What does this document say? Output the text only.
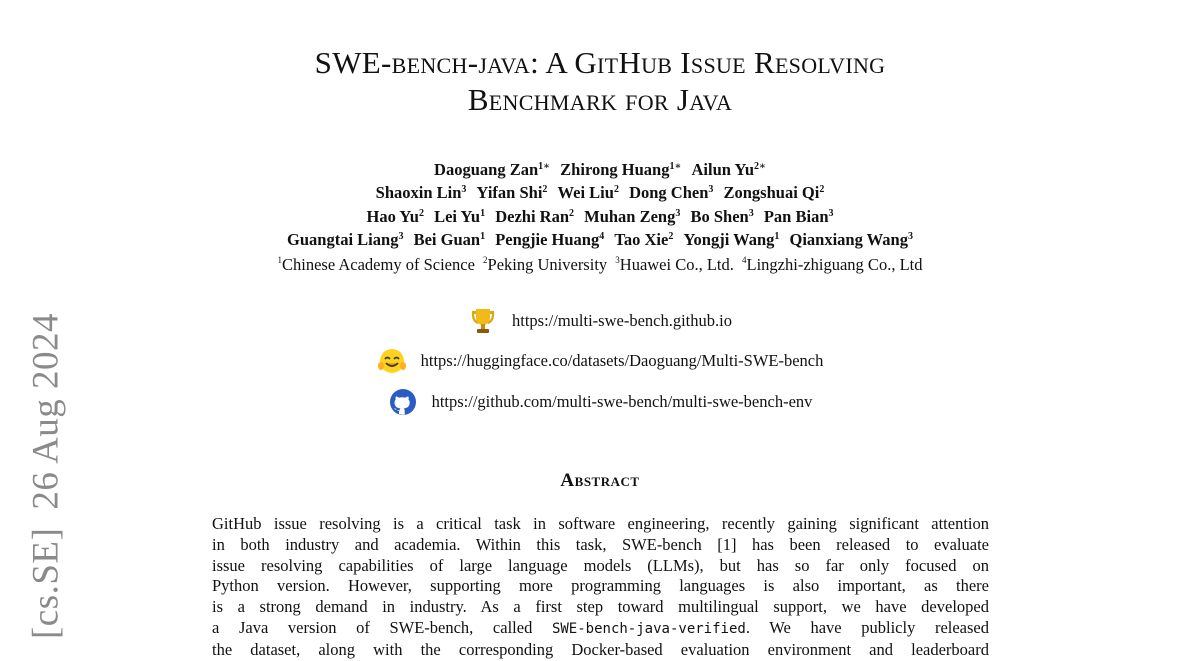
[cs.SE]26 Aug 2024
SWE-bench-java: A GitHub Issue Resolving
Benchmark for Java
Daoguang Zan$^{1∗}$ Zhirong Huang$^{1∗}$ Ailun $Yu^{2∗}$
Shaoxin Lin$^3$ Yifan Shi$^2$ Wei Liu$^2$ Dong Chen$^3$ Zongshuai Qi$^2$
Hao Yu$^2$ Lei Yu$^1$ Dezhi Ran$^2$ Muhan Zeng$^3$ Bo Shen$^3$ Pan Bian$^3$
Guangtai Liang$^3$ Bei Guan$^1$ Pengjie Huang$^4$ Tao Xie$^2$ Yongji Wang$^1$ Qianxiang Wang$^3$
$^1$Chinese Academy of Science $^2$Peking University $^3$Huawei Co., Ltd. $^4$Lingzhi-zhiguang Co., Ltd
https://multi-swe-bench.github.io
https://huggingface.co/datasets/Daoguang/Multi-SWE-bench
https://github.com/multi-swe-bench/multi-swe-bench-env
Abstract
GitHub issue resolving is a critical task in software engineering, recently gaining significant attention
in both industry and academia. Within this task, SWE-bench [1] has been released to evaluate
issue resolving capabilities of large language models (LLMs), but has so far only focused on
Python version. However, supporting more programming languages is also important, as there
is a strong demand in industry. As a first step toward multilingual support, we have developed
a Java version of SWE-bench, called SWE-bench-java-verified. We have publicly released
the dataset, along with the corresponding Docker-based evaluation environment and leaderboard
